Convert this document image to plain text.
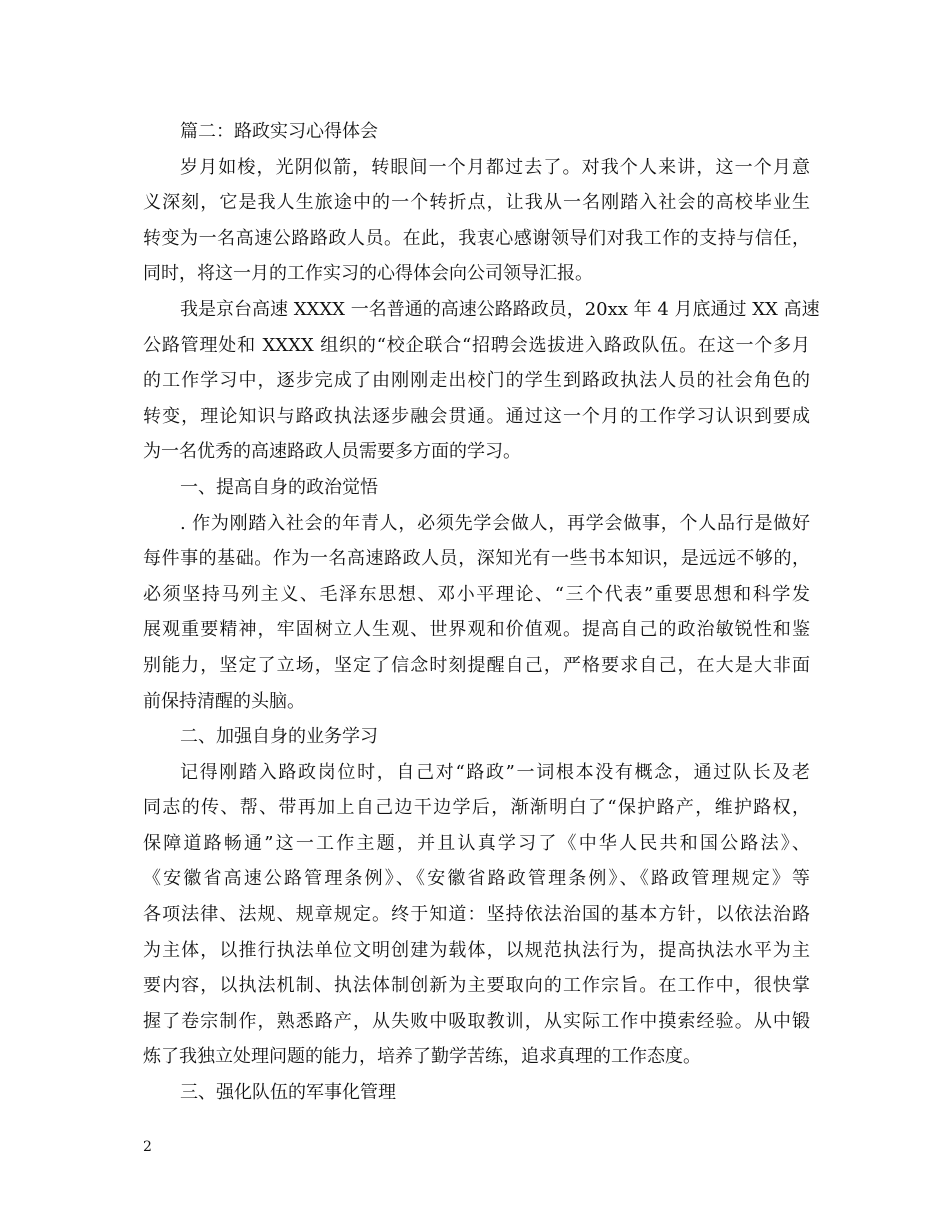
篇二：路政实习心得体会
岁月如梭，光阴似箭，转眼间一个月都过去了。对我个人来讲，这一个月意
义深刻，它是我人生旅途中的一个转折点，让我从一名刚踏入社会的高校毕业生
转变为一名高速公路路政人员。在此，我衷心感谢领导们对我工作的支持与信任，
同时，将这一月的工作实习的心得体会向公司领导汇报。
我是京台高速 XXXX 一名普通的高速公路路政员，20xx 年 4 月底通过 XX 高速
公路管理处和 XXXX 组织的“校企联合“招聘会选拔进入路政队伍。在这一个多月
的工作学习中，逐步完成了由刚刚走出校门的学生到路政执法人员的社会角色的
转变，理论知识与路政执法逐步融会贯通。通过这一个月的工作学习认识到要成
为一名优秀的高速路政人员需要多方面的学习。
一、提高自身的政治觉悟
. 作为刚踏入社会的年青人，必须先学会做人，再学会做事，个人品行是做好
每件事的基础。作为一名高速路政人员，深知光有一些书本知识，是远远不够的，
必须坚持马列主义、毛泽东思想、邓小平理论、“三个代表”重要思想和科学发
展观重要精神，牢固树立人生观、世界观和价值观。提高自己的政治敏锐性和鉴
别能力，坚定了立场，坚定了信念时刻提醒自己，严格要求自己，在大是大非面
前保持清醒的头脑。
二、加强自身的业务学习
记得刚踏入路政岗位时，自己对“路政”一词根本没有概念，通过队长及老
同志的传、帮、带再加上自己边干边学后，渐渐明白了“保护路产，维护路权，
保障道路畅通”这一工作主题，并且认真学习了《中华人民共和国公路法》、
《安徽省高速公路管理条例》、《安徽省路政管理条例》、《路政管理规定》等
各项法律、法规、规章规定。终于知道：坚持依法治国的基本方针，以依法治路
为主体，以推行执法单位文明创建为载体，以规范执法行为，提高执法水平为主
要内容，以执法机制、执法体制创新为主要取向的工作宗旨。在工作中，很快掌
握了卷宗制作，熟悉路产，从失败中吸取教训，从实际工作中摸索经验。从中锻
炼了我独立处理问题的能力，培养了勤学苦练，追求真理的工作态度。
三、强化队伍的军事化管理
2
